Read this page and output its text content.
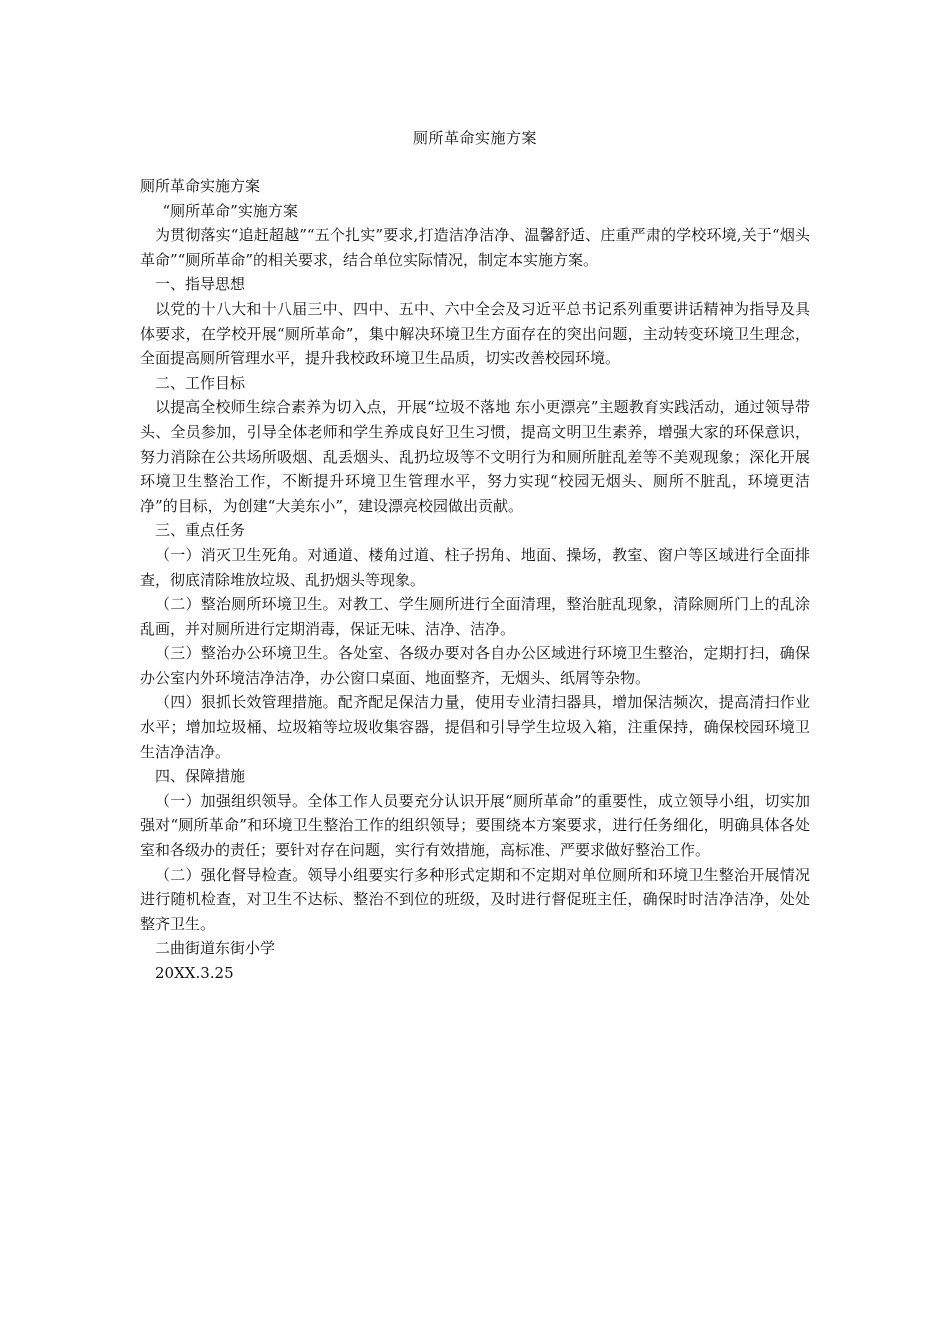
厕所革命实施方案

厕所革命实施方案

“厕所革命”实施方案

为贯彻落实“追赶超越”“五个扎实”要求,打造洁净洁净、温馨舒适、庄重严肃的学校环境,关于“烟头革命”“厕所革命”的相关要求，结合单位实际情况，制定本实施方案。

一、指导思想

以党的十八大和十八届三中、四中、五中、六中全会及习近平总书记系列重要讲话精神为指导及具体要求，在学校开展“厕所革命”，集中解决环境卫生方面存在的突出问题，主动转变环境卫生理念，全面提高厕所管理水平，提升我校政环境卫生品质，切实改善校园环境。

二、工作目标

以提高全校师生综合素养为切入点，开展“垃圾不落地 东小更漂亮”主题教育实践活动，通过领导带头、全员参加，引导全体老师和学生养成良好卫生习惯，提高文明卫生素养，增强大家的环保意识，努力消除在公共场所吸烟、乱丢烟头、乱扔垃圾等不文明行为和厕所脏乱差等不美观现象；深化开展环境卫生整治工作，不断提升环境卫生管理水平，努力实现“校园无烟头、厕所不脏乱，环境更洁净”的目标，为创建“大美东小”，建设漂亮校园做出贡献。

三、重点任务

（一）消灭卫生死角。对通道、楼角过道、柱子拐角、地面、操场，教室、窗户等区域进行全面排查，彻底清除堆放垃圾、乱扔烟头等现象。

（二）整治厕所环境卫生。对教工、学生厕所进行全面清理，整治脏乱现象，清除厕所门上的乱涂乱画，并对厕所进行定期消毒，保证无味、洁净、洁净。

（三）整治办公环境卫生。各处室、各级办要对各自办公区域进行环境卫生整治，定期打扫，确保办公室内外环境洁净洁净，办公窗口桌面、地面整齐，无烟头、纸屑等杂物。

（四）狠抓长效管理措施。配齐配足保洁力量，使用专业清扫器具，增加保洁频次，提高清扫作业水平；增加垃圾桶、垃圾箱等垃圾收集容器，提倡和引导学生垃圾入箱，注重保持，确保校园环境卫生洁净洁净。

四、保障措施

（一）加强组织领导。全体工作人员要充分认识开展“厕所革命”的重要性，成立领导小组，切实加强对“厕所革命”和环境卫生整治工作的组织领导；要围绕本方案要求，进行任务细化，明确具体各处室和各级办的责任；要针对存在问题，实行有效措施，高标准、严要求做好整治工作。

（二）强化督导检查。领导小组要实行多种形式定期和不定期对单位厕所和环境卫生整治开展情况进行随机检查，对卫生不达标、整治不到位的班级，及时进行督促班主任，确保时时洁净洁净，处处整齐卫生。

二曲街道东街小学

20XX.3.25
